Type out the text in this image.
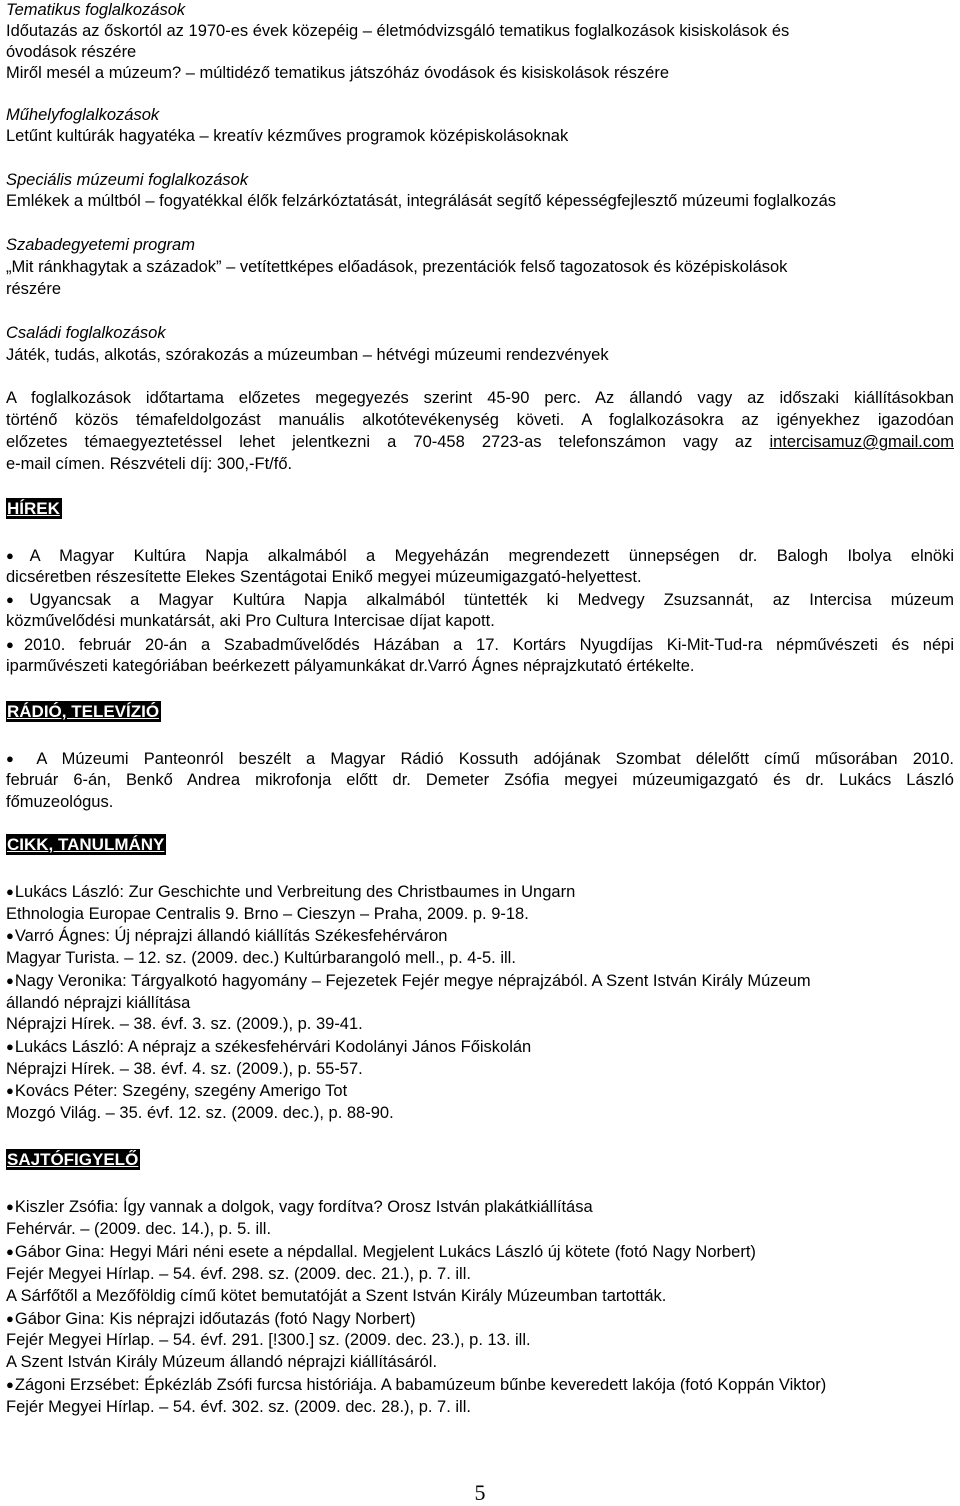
Tematikus foglalkozások

Időutazás az őskortól az 1970-es évek közepéig – életmódvizsgáló tematikus foglalkozások kisiskolások és

óvodások részére

Miről mesél a múzeum? – múltidéző tematikus játszóház óvodások és kisiskolások részére

Műhelyfoglalkozások

Letűnt kultúrák hagyatéka – kreatív kézműves programok középiskolásoknak

Speciális múzeumi foglalkozások

Emlékek a múltból – fogyatékkal élők felzárkóztatását, integrálását segítő képességfejlesztő múzeumi foglalkozás

Szabadegyetemi program

„Mit ránkhagytak a századok” – vetítettképes előadások, prezentációk felső tagozatosok és középiskolások

részére

Családi foglalkozások

Játék, tudás, alkotás, szórakozás a múzeumban – hétvégi múzeumi rendezvények

A foglalkozások időtartama előzetes megegyezés szerint 45-90 perc. Az állandó vagy az időszaki kiállításokban

történő közös témafeldolgozást manuális alkotótevékenység követi. A foglalkozásokra az igényekhez igazodóan

előzetes témaegyeztetéssel lehet jelentkezni a 70-458 2723-as telefonszámon vagy az intercisamuz@gmail.com

e-mail címen. Részvételi díj: 300,-Ft/fő.

HÍREK

●A Magyar Kultúra Napja alkalmából a Megyeházán megrendezett ünnepségen dr. Balogh Ibolya elnöki

dicséretben részesítette Elekes Szentágotai Enikő megyei múzeumigazgató-helyettest.

●Ugyancsak a Magyar Kultúra Napja alkalmából tüntették ki Medvegy Zsuzsannát, az Intercisa múzeum

közművelődési munkatársát, aki Pro Cultura Intercisae díjat kapott.

●2010. február 20-án a Szabadművelődés Házában a 17. Kortárs Nyugdíjas Ki-Mit-Tud-ra népművészeti és népi

iparművészeti kategóriában beérkezett pályamunkákat dr.Varró Ágnes néprajzkutató értékelte.

RÁDIÓ, TELEVÍZIÓ

● A Múzeumi Panteonról beszélt a Magyar Rádió Kossuth adójának Szombat délelőtt című műsorában 2010.

február 6-án, Benkő Andrea mikrofonja előtt dr. Demeter Zsófia megyei múzeumigazgató és dr. Lukács László

főmuzeológus.

CIKK, TANULMÁNY

●Lukács László: Zur Geschichte und Verbreitung des Christbaumes in Ungarn

Ethnologia Europae Centralis 9. Brno – Cieszyn – Praha, 2009. p. 9-18.

●Varró Ágnes: Új néprajzi állandó kiállítás Székesfehérváron

Magyar Turista. – 12. sz. (2009. dec.) Kultúrbarangoló mell., p. 4-5. ill.

●Nagy Veronika: Tárgyalkotó hagyomány – Fejezetek Fejér megye néprajzából. A Szent István Király Múzeum

állandó néprajzi kiállítása

Néprajzi Hírek. – 38. évf. 3. sz. (2009.), p. 39-41.

●Lukács László: A néprajz a székesfehérvári Kodolányi János Főiskolán

Néprajzi Hírek. – 38. évf. 4. sz. (2009.), p. 55-57.

●Kovács Péter: Szegény, szegény Amerigo Tot

Mozgó Világ. – 35. évf. 12. sz. (2009. dec.), p. 88-90.

SAJTÓFIGYELŐ

●Kiszler Zsófia: Így vannak a dolgok, vagy fordítva? Orosz István plakátkiállítása

Fehérvár. – (2009. dec. 14.), p. 5. ill.

●Gábor Gina: Hegyi Mári néni esete a népdallal. Megjelent Lukács László új kötete (fotó Nagy Norbert)

Fejér Megyei Hírlap. – 54. évf. 298. sz. (2009. dec. 21.), p. 7. ill.

A Sárfőtől a Mezőföldig című kötet bemutatóját a Szent István Király Múzeumban tartották.

●Gábor Gina: Kis néprajzi időutazás (fotó Nagy Norbert)

Fejér Megyei Hírlap. – 54. évf. 291. [!300.] sz. (2009. dec. 23.), p. 13. ill.

A Szent István Király Múzeum állandó néprajzi kiállításáról.

●Zágoni Erzsébet: Épkézláb Zsófi furcsa históriája. A babamúzeum bűnbe keveredett lakója (fotó Koppán Viktor)

Fejér Megyei Hírlap. – 54. évf. 302. sz. (2009. dec. 28.), p. 7. ill.

5
